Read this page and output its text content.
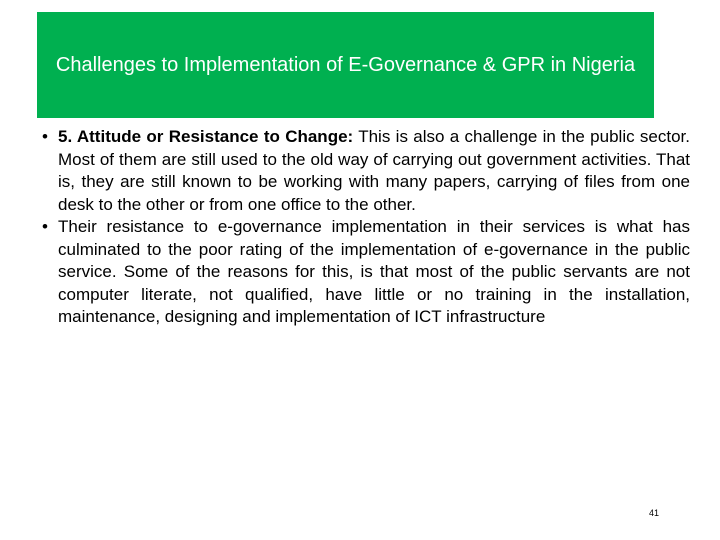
Challenges to Implementation of E-Governance & GPR in Nigeria
• 5. Attitude or Resistance to Change: This is also a challenge in the public sector. Most of them are still used to the old way of carrying out government activities. That is, they are still known to be working with many papers, carrying of files from one desk to the other or from one office to the other.
• Their resistance to e-governance implementation in their services is what has culminated to the poor rating of the implementation of e-governance in the public service. Some of the reasons for this, is that most of the public servants are not computer literate, not qualified, have little or no training in the installation, maintenance, designing and implementation of ICT infrastructure
41
